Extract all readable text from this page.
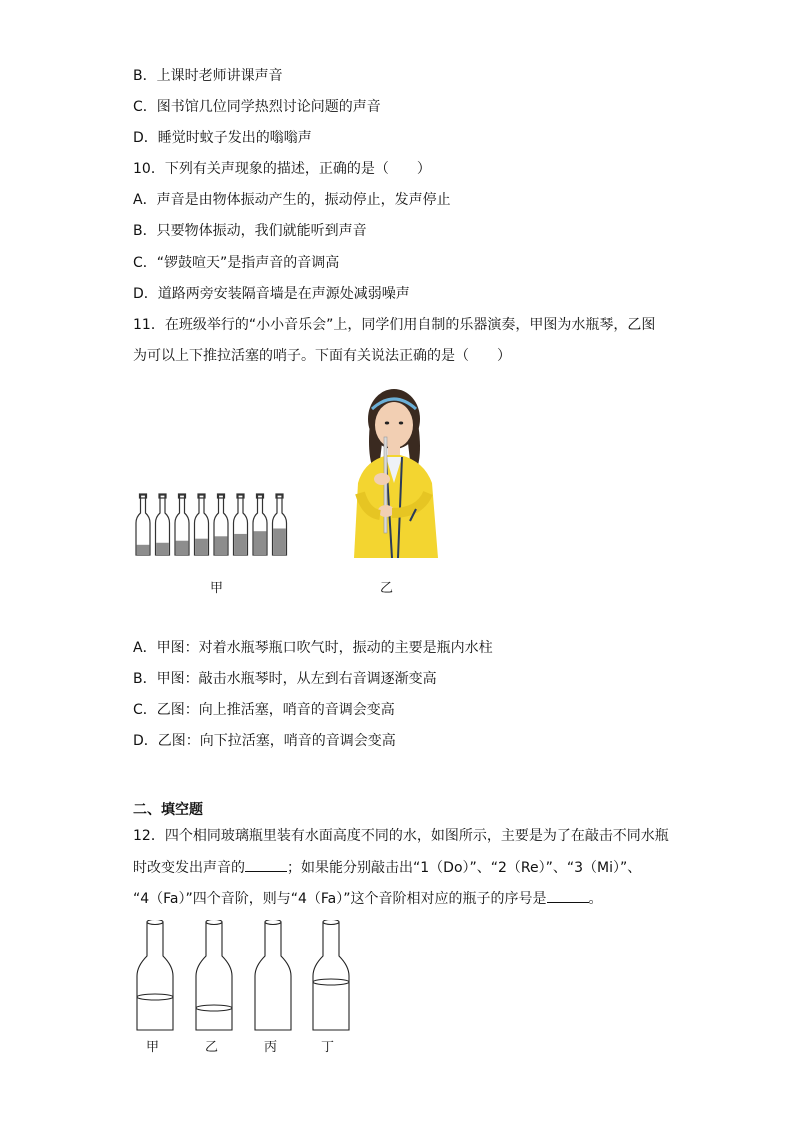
B．上课时老师讲课声音
C．图书馆几位同学热烈讨论问题的声音
D．睡觉时蚊子发出的嗡嗡声
10．下列有关声现象的描述，正确的是（　　）
A．声音是由物体振动产生的，振动停止，发声停止
B．只要物体振动，我们就能听到声音
C．“锣鼓喧天”是指声音的音调高
D．道路两旁安装隔音墙是在声源处减弱噪声
11．在班级举行的“小小音乐会”上，同学们用自制的乐器演奏，甲图为水瓶琴，乙图
为可以上下推拉活塞的哨子。下面有关说法正确的是（　　）
甲	乙
A．甲图：对着水瓶琴瓶口吹气时，振动的主要是瓶内水柱
B．甲图：敲击水瓶琴时，从左到右音调逐渐变高
C．乙图：向上推活塞，哨音的音调会变高
D．乙图：向下拉活塞，哨音的音调会变高
二、填空题
12．四个相同玻璃瓶里装有水面高度不同的水，如图所示，主要是为了在敲击不同水瓶
时改变发出声音的	；如果能分别敲击出“1（Do）”、“2（Re）”、“3（Mi）”、
“4（Fa）”四个音阶，则与“4（Fa）”这个音阶相对应的瓶子的序号是	。
甲	乙	丙	丁
